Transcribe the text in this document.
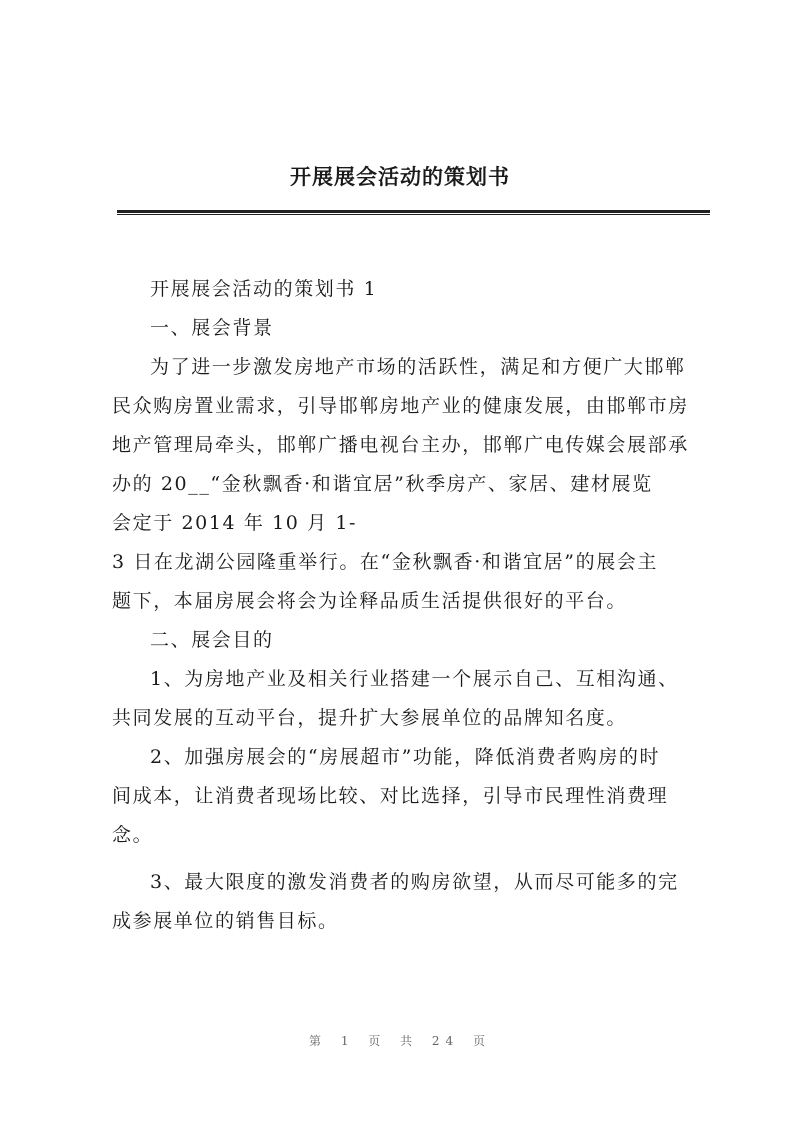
开展展会活动的策划书
开展展会活动的策划书 1
一、展会背景
为了进一步激发房地产市场的活跃性，满足和方便广大邯郸
民众购房置业需求，引导邯郸房地产业的健康发展，由邯郸市房
地产管理局牵头，邯郸广播电视台主办，邯郸广电传媒会展部承
办的 20__“金秋飘香·和谐宜居”秋季房产、家居、建材展览
会定于 2014 年 10 月 1-
3 日在龙湖公园隆重举行。在“金秋飘香·和谐宜居”的展会主
题下，本届房展会将会为诠释品质生活提供很好的平台。
二、展会目的
1、为房地产业及相关行业搭建一个展示自己、互相沟通、
共同发展的互动平台，提升扩大参展单位的品牌知名度。
2、加强房展会的“房展超市”功能，降低消费者购房的时
间成本，让消费者现场比较、对比选择，引导市民理性消费理
念。
3、最大限度的激发消费者的购房欲望，从而尽可能多的完
成参展单位的销售目标。
第 1 页 共 24 页
